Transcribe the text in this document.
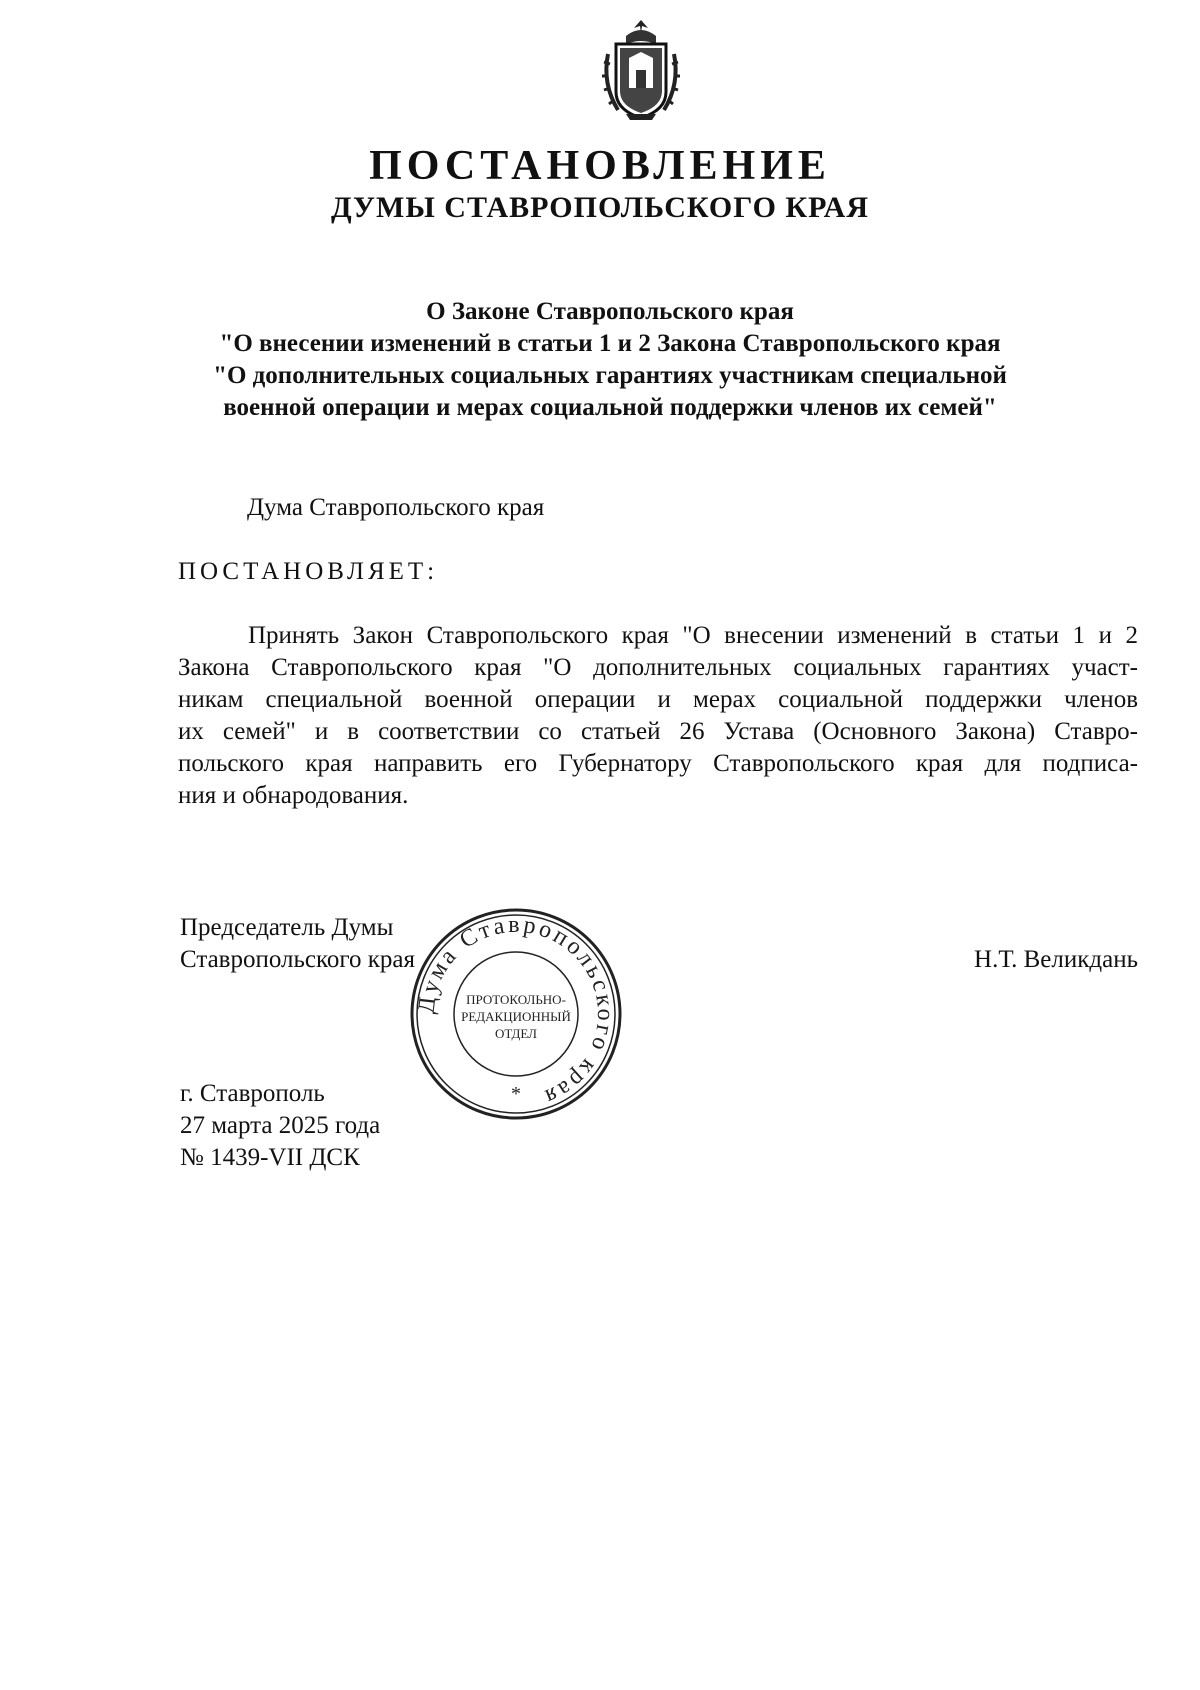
ПОСТАНОВЛЕНИЕ
ДУМЫ СТАВРОПОЛЬСКОГО КРАЯ
О Законе Ставропольского края
"О внесении изменений в статьи 1 и 2 Закона Ставропольского края
"О дополнительных социальных гарантиях участникам специальной
военной операции и мерах социальной поддержки членов их семей"
Дума Ставропольского края
ПОСТАНОВЛЯЕТ:
Принять Закон Ставропольского края "О внесении изменений в статьи 1 и 2
Закона Ставропольского края "О дополнительных социальных гарантиях участ-
никам специальной военной операции и мерах социальной поддержки членов
их семей" и в соответствии со статьей 26 Устава (Основного Закона) Ставро-
польского края направить его Губернатору Ставропольского края для подписа-
ния и обнародования.
Председатель Думы
Ставропольского края	Н.Т. Великдань
г. Ставрополь
27 марта 2025 года
№ 1439-VII ДСК
Дума Ставропольского края
ПРОТОКОЛЬНО-
РЕДАКЦИОННЫЙ
ОТДЕЛ
*
